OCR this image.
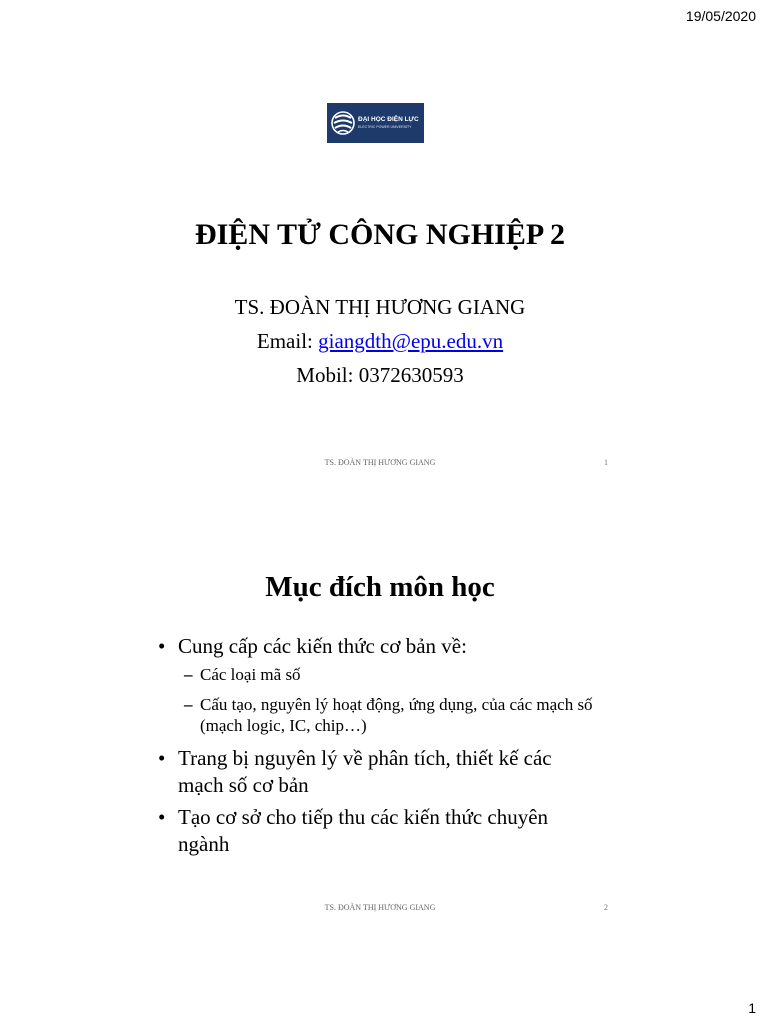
19/05/2020
ĐẠI HỌC ĐIỆN LỰC
ELECTRIC POWER UNIVERSITY
ĐIỆN TỬ CÔNG NGHIỆP 2
TS. ĐOÀN THỊ HƯƠNG GIANG
Email: giangdth@epu.edu.vn
Mobil: 0372630593
TS. ĐOÀN THỊ HƯƠNG GIANG	1
Mục đích môn học
• Cung cấp các kiến thức cơ bản về:
– Các loại mã số
– Cấu tạo, nguyên lý hoạt động, ứng dụng, của các mạch số (mạch logic, IC, chip…)
• Trang bị nguyên lý về phân tích, thiết kế các mạch số cơ bản
• Tạo cơ sở cho tiếp thu các kiến thức chuyên ngành
TS. ĐOÀN THỊ HƯƠNG GIANG	2
1
